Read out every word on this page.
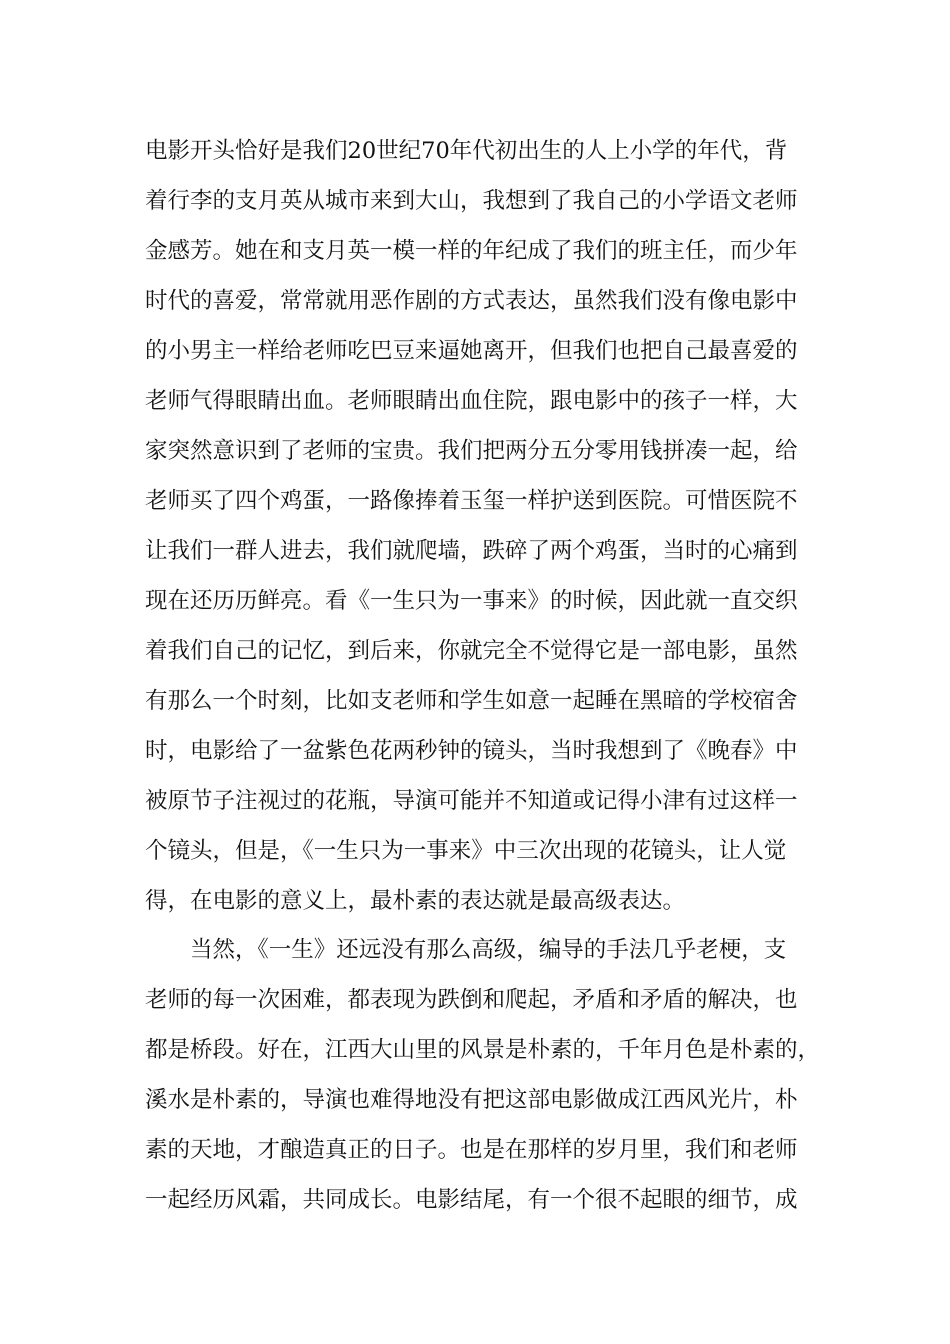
电影开头恰好是我们20世纪70年代初出生的人上小学的年代，背
着行李的支月英从城市来到大山，我想到了我自己的小学语文老师
金感芳。她在和支月英一模一样的年纪成了我们的班主任，而少年
时代的喜爱，常常就用恶作剧的方式表达，虽然我们没有像电影中
的小男主一样给老师吃巴豆来逼她离开，但我们也把自己最喜爱的
老师气得眼睛出血。老师眼睛出血住院，跟电影中的孩子一样，大
家突然意识到了老师的宝贵。我们把两分五分零用钱拼凑一起，给
老师买了四个鸡蛋，一路像捧着玉玺一样护送到医院。可惜医院不
让我们一群人进去，我们就爬墙，跌碎了两个鸡蛋，当时的心痛到
现在还历历鲜亮。看《一生只为一事来》的时候，因此就一直交织
着我们自己的记忆，到后来，你就完全不觉得它是一部电影，虽然
有那么一个时刻，比如支老师和学生如意一起睡在黑暗的学校宿舍
时，电影给了一盆紫色花两秒钟的镜头，当时我想到了《晚春》中
被原节子注视过的花瓶，导演可能并不知道或记得小津有过这样一
个镜头，但是，《一生只为一事来》中三次出现的花镜头，让人觉
得，在电影的意义上，最朴素的表达就是最高级表达。
当然，《一生》还远没有那么高级，编导的手法几乎老梗，支
老师的每一次困难，都表现为跌倒和爬起，矛盾和矛盾的解决，也
都是桥段。好在，江西大山里的风景是朴素的，千年月色是朴素的，
溪水是朴素的，导演也难得地没有把这部电影做成江西风光片，朴
素的天地，才酿造真正的日子。也是在那样的岁月里，我们和老师
一起经历风霜，共同成长。电影结尾，有一个很不起眼的细节，成
